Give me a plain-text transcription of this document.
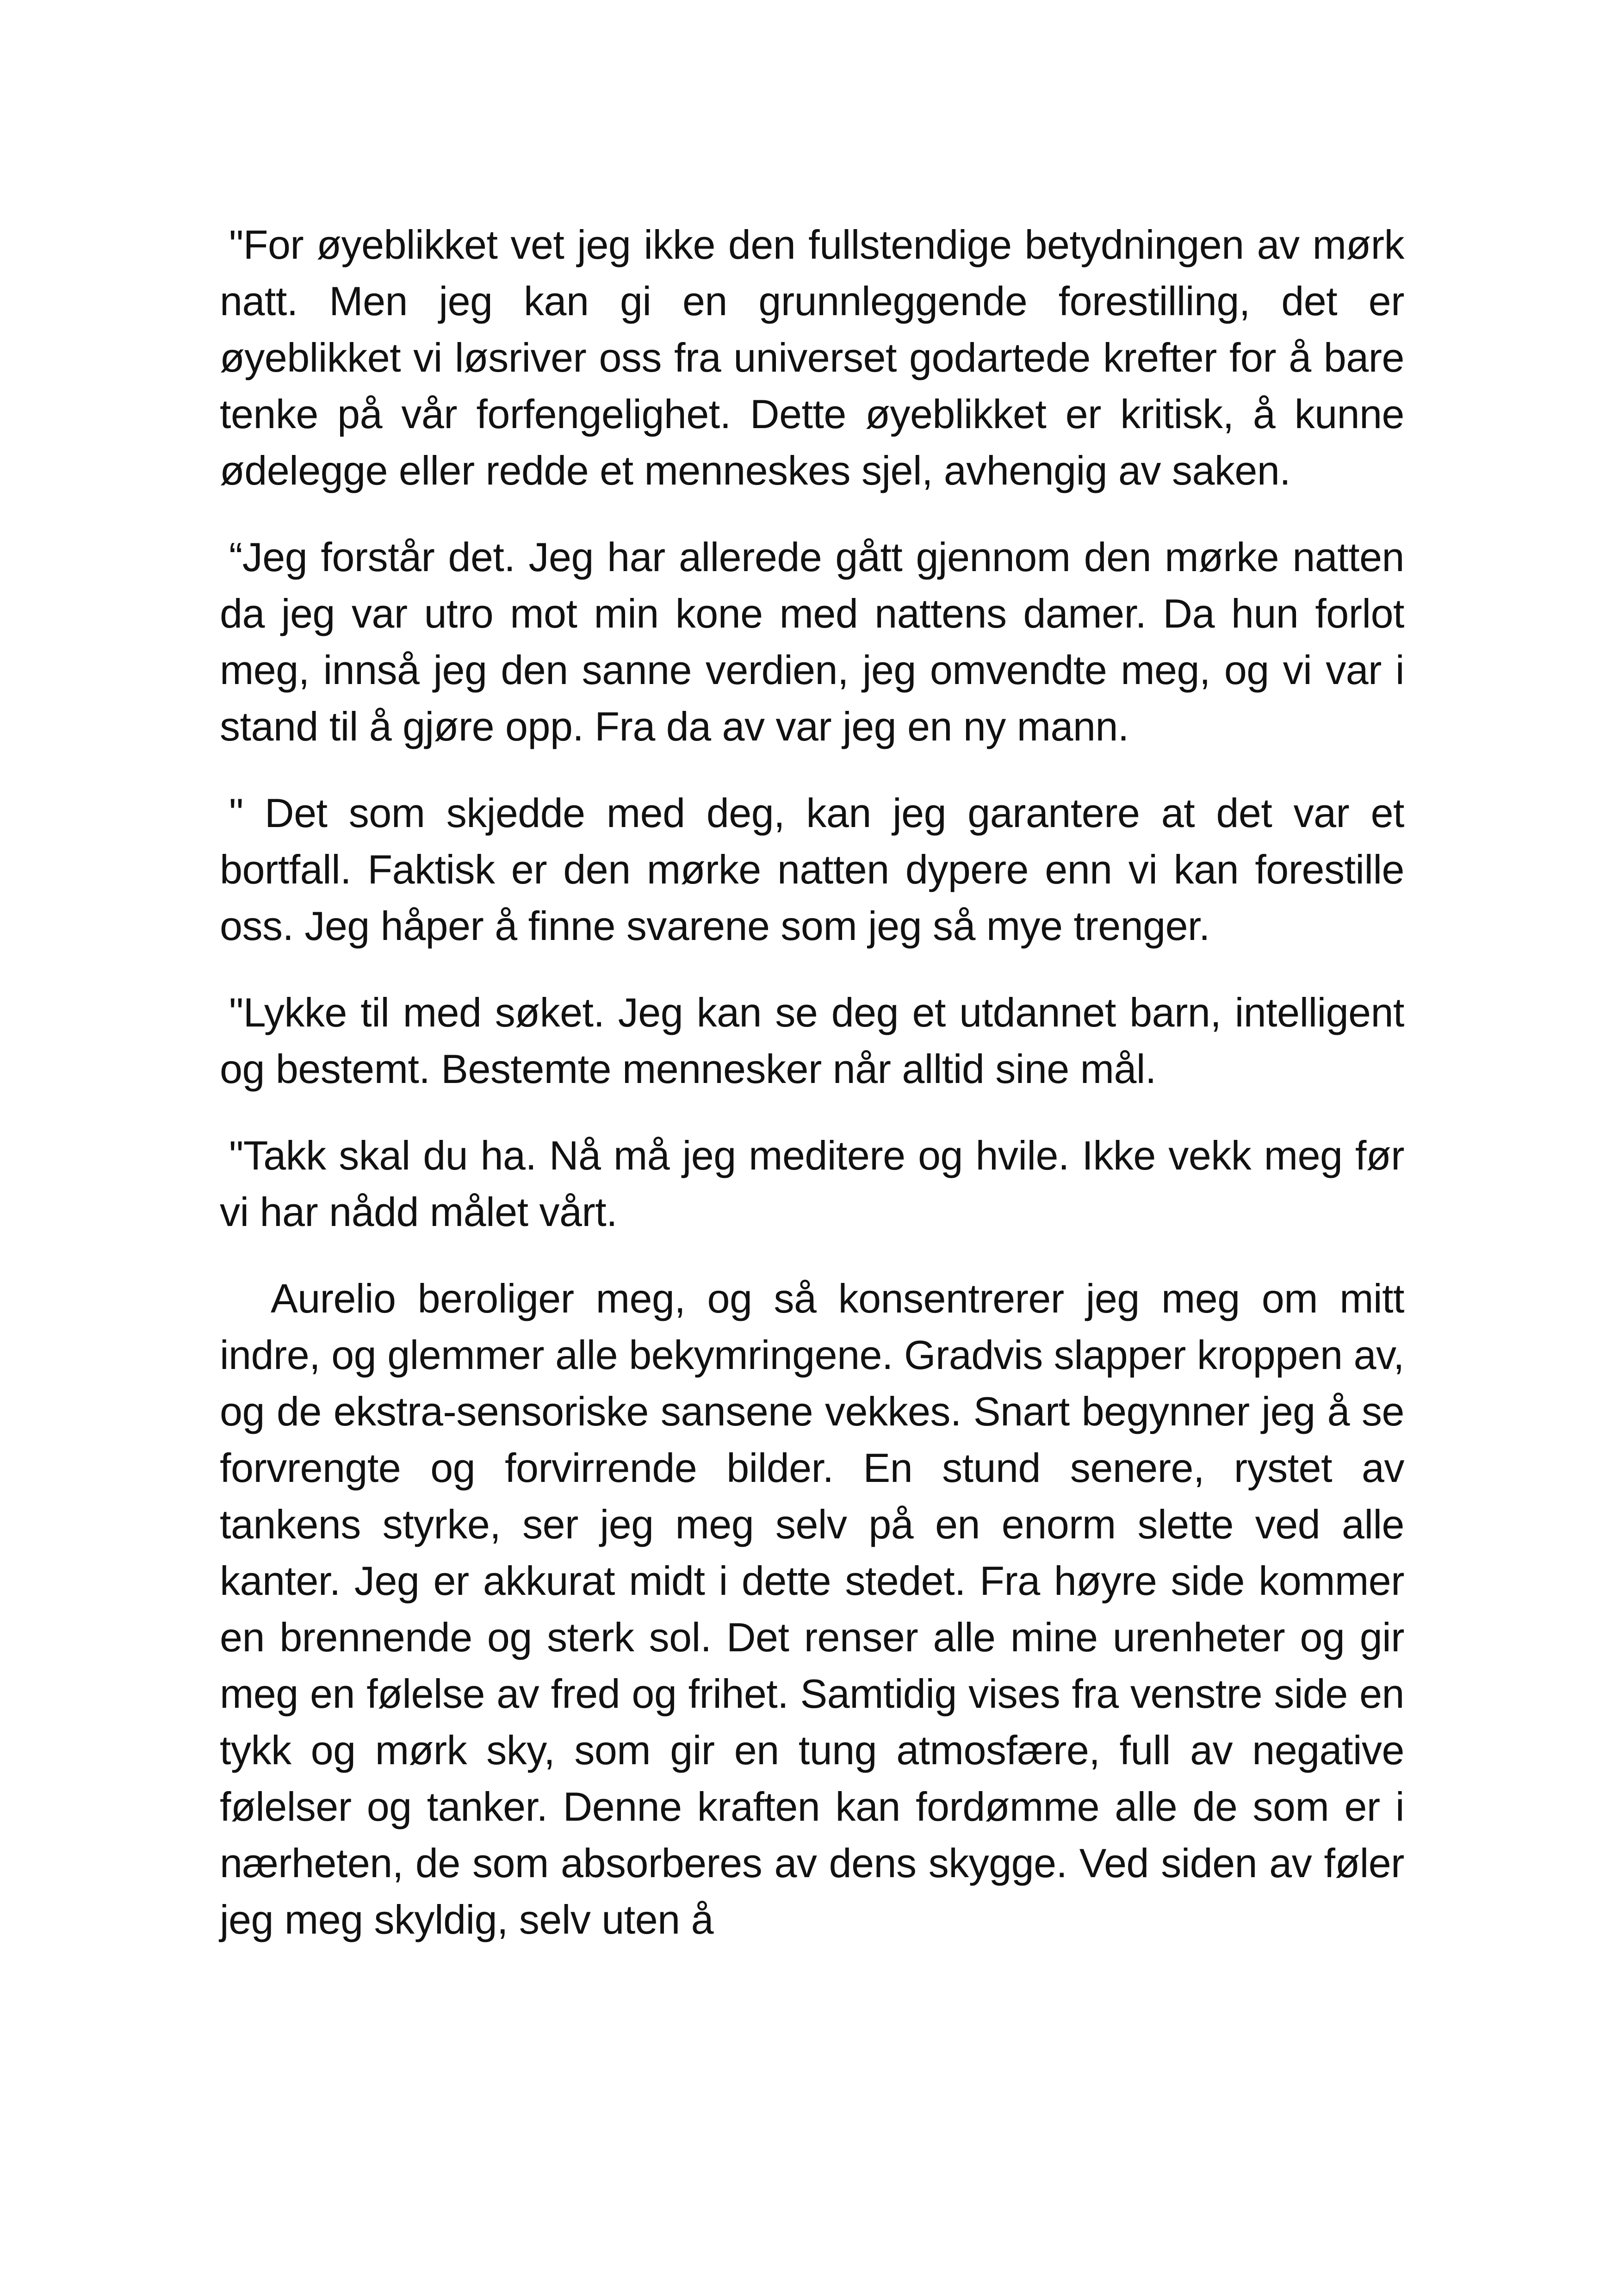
"For øyeblikket vet jeg ikke den fullstendige betydningen av mørk natt. Men jeg kan gi en grunnleggende forestilling, det er øyeblikket vi løsriver oss fra universet godartede krefter for å bare tenke på vår forfengelighet. Dette øyeblikket er kritisk, å kunne ødelegge eller redde et menneskes sjel, avhengig av saken.

“Jeg forstår det. Jeg har allerede gått gjennom den mørke natten da jeg var utro mot min kone med nattens damer. Da hun forlot meg, innså jeg den sanne verdien, jeg omvendte meg, og vi var i stand til å gjøre opp. Fra da av var jeg en ny mann.

" Det som skjedde med deg, kan jeg garantere at det var et bortfall. Faktisk er den mørke natten dypere enn vi kan forestille oss. Jeg håper å finne svarene som jeg så mye trenger.

"Lykke til med søket. Jeg kan se deg et utdannet barn, intelligent og bestemt. Bestemte mennesker når alltid sine mål.

"Takk skal du ha. Nå må jeg meditere og hvile. Ikke vekk meg før vi har nådd målet vårt.

Aurelio beroliger meg, og så konsentrerer jeg meg om mitt indre, og glemmer alle bekymringene. Gradvis slapper kroppen av, og de ekstra-sensoriske sansene vekkes. Snart begynner jeg å se forvrengte og forvirrende bilder. En stund senere, rystet av tankens styrke, ser jeg meg selv på en enorm slette ved alle kanter. Jeg er akkurat midt i dette stedet. Fra høyre side kommer en brennende og sterk sol. Det renser alle mine urenheter og gir meg en følelse av fred og frihet. Samtidig vises fra venstre side en tykk og mørk sky, som gir en tung atmosfære, full av negative følelser og tanker. Denne kraften kan fordømme alle de som er i nærheten, de som absorberes av dens skygge. Ved siden av føler jeg meg skyldig, selv uten å
